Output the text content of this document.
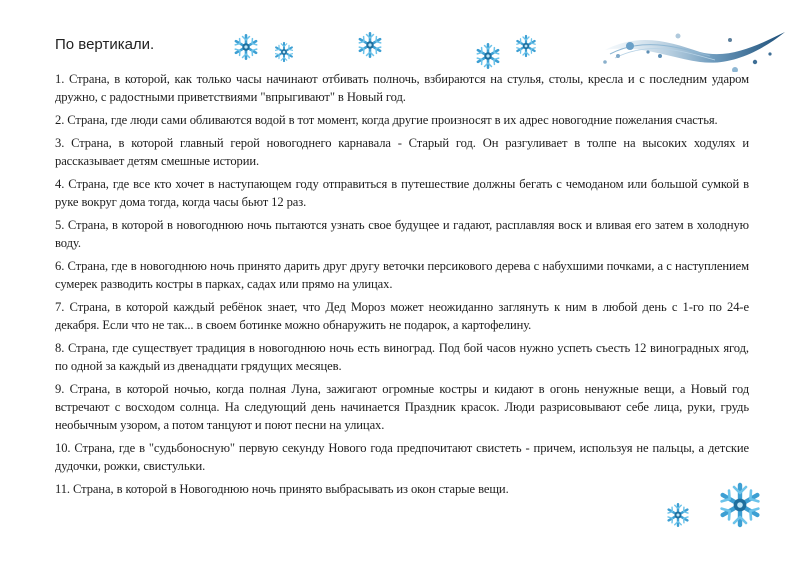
По вертикали.

1. Страна, в которой, как только часы начинают отбивать полночь, взбираются на стулья, столы, кресла и с последним ударом дружно, с радостными приветствиями "впрыгивают" в Новый год.

2. Страна, где люди сами обливаются водой в тот момент, когда другие произносят в их адрес новогодние пожелания счастья.

3. Страна, в которой главный герой новогоднего карнавала - Старый год. Он разгуливает в толпе на высоких ходулях и рассказывает детям смешные истории.

4. Страна, где все кто хочет в наступающем году отправиться в путешествие должны бегать с чемоданом или большой сумкой в руке вокруг дома тогда, когда часы бьют 12 раз.

5. Страна, в которой в новогоднюю ночь пытаются узнать свое будущее и гадают, расплавляя воск и вливая его затем в холодную воду.

6. Страна, где в новогоднюю ночь принято дарить друг другу веточки персикового дерева с набухшими почками, а с наступлением сумерек разводить костры в парках, садах или прямо на улицах.

7. Страна, в которой каждый ребёнок знает, что Дед Мороз может неожиданно заглянуть к ним в любой день с 1-го по 24-е декабря. Если что не так... в своем ботинке можно обнаружить не подарок, а картофелину.

8. Страна, где существует традиция в новогоднюю ночь есть виноград. Под бой часов нужно успеть съесть 12 виноградных ягод, по одной за каждый из двенадцати грядущих месяцев.

9. Страна, в которой ночью, когда полная Луна, зажигают огромные костры и кидают в огонь ненужные вещи, а Новый год встречают с восходом солнца. На следующий день начинается Праздник красок. Люди разрисовывают себе лица, руки, грудь необычным узором, а потом танцуют и поют песни на улицах.

10. Страна, где в "судьбоносную" первую секунду Нового года предпочитают свистеть - причем, используя не пальцы, а детские дудочки, рожки, свистульки.

11. Страна, в которой в Новогоднюю ночь принято выбрасывать из окон старые вещи.
